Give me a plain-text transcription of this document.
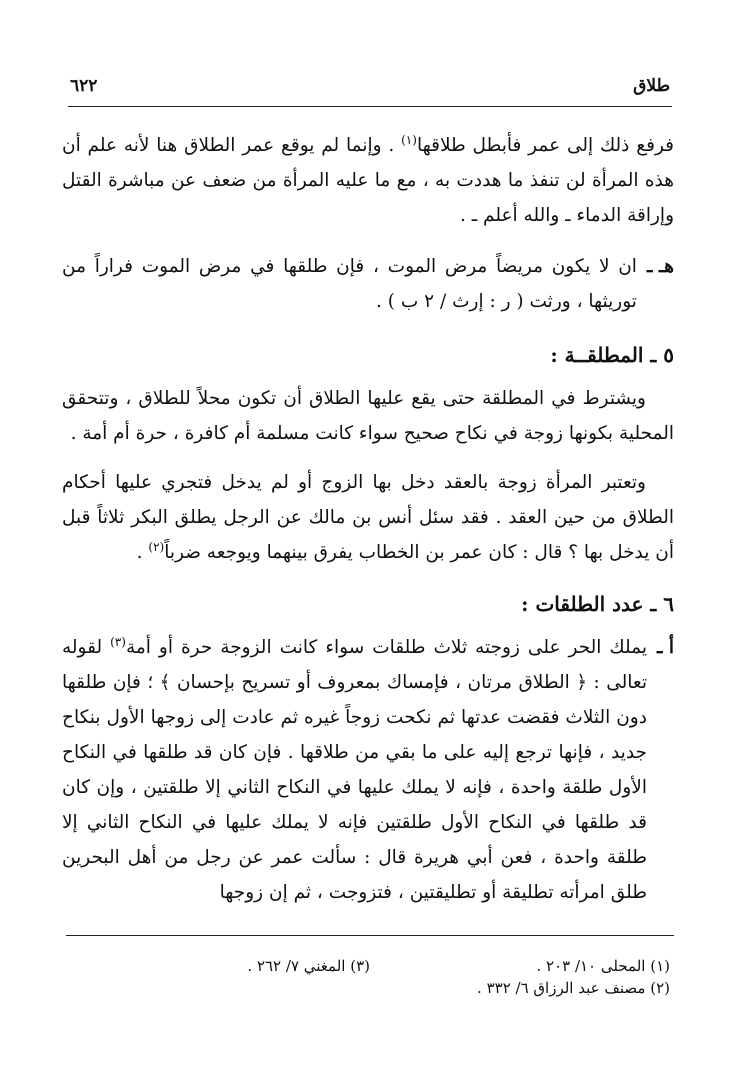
طلاق
٦٢٢

فرفع ذلك إلى عمر فأبطل طلاقها$^{(١)}$ . وإنما لم يوقع عمر الطلاق هنا لأنه علم أن هذه المرأة لن تنفذ ما هددت به ، مع ما عليه المرأة من ضعف عن مباشرة القتل وإراقة الدماء ـ والله أعلم ـ .

هـ ـ
ان لا يكون مريضاً مرض الموت ، فإن طلقها في مرض الموت فراراً من توريثها ، ورثت ( ر : إرث / ٢ ب ) .
٥ ـ المطلقــة :

ويشترط في المطلقة حتى يقع عليها الطلاق أن تكون محلاً للطلاق ، وتتحقق المحلية بكونها زوجة في نكاح صحيح سواء كانت مسلمة أم كافرة ، حرة أم أمة .

وتعتبر المرأة زوجة بالعقد دخل بها الزوج أو لم يدخل فتجري عليها أحكام الطلاق من حين العقد . فقد سئل أنس بن مالك عن الرجل يطلق البكر ثلاثاً قبل أن يدخل بها ؟ قال : كان عمر بن الخطاب يفرق بينهما ويوجعه ضرباً$^{(٢)}$ .

٦ ـ عدد الطلقات :
أ ـ
يملك الحر على زوجته ثلاث طلقات سواء كانت الزوجة حرة أو أمة$^{(٣)}$ لقوله تعالى : ﴿ الطلاق مرتان ، فإمساك بمعروف أو تسريح بإحسان ﴾ ؛ فإن طلقها دون الثلاث فقضت عدتها ثم نكحت زوجاً غيره ثم عادت إلى زوجها الأول بنكاح جديد ، فإنها ترجع إليه على ما بقي من طلاقها . فإن كان قد طلقها في النكاح الأول طلقة واحدة ، فإنه لا يملك عليها في النكاح الثاني إلا طلقتين ، وإن كان قد طلقها في النكاح الأول طلقتين فإنه لا يملك عليها في النكاح الثاني إلا طلقة واحدة ، فعن أبي هريرة قال : سألت عمر عن رجل من أهل البحرين طلق امرأته تطليقة أو تطليقتين ، فتزوجت ، ثم إن زوجها
(١) المحلى ١٠/ ٢٠٣ .
(٣) المغني ٧/ ٢٦٢ .
(٢) مصنف عبد الرزاق ٦/ ٣٣٢ .
